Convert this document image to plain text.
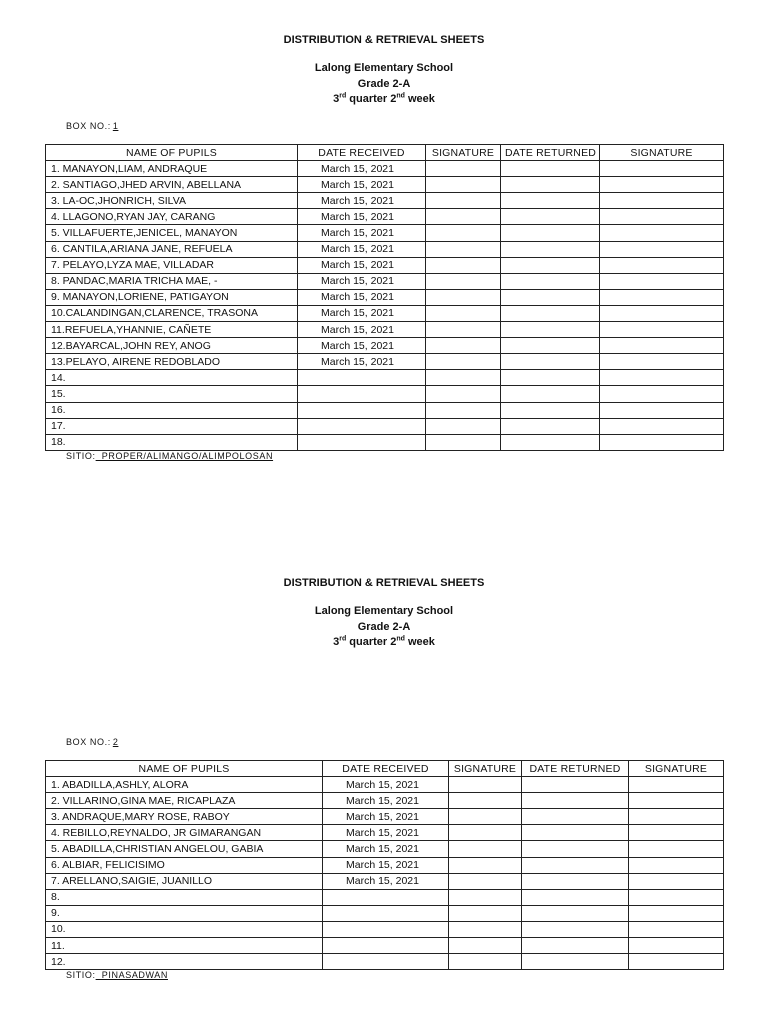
DISTRIBUTION & RETRIEVAL SHEETS
Lalong Elementary School
Grade 2-A
3rd quarter 2nd week
BOX NO.: 1
NAME OF PUPILS	DATE RECEIVED	SIGNATURE	DATE RETURNED	SIGNATURE
1. MANAYON,LIAM, ANDRAQUE	March 15, 2021			
2. SANTIAGO,JHED ARVIN, ABELLANA	March 15, 2021			
3. LA-OC,JHONRICH, SILVA	March 15, 2021			
4. LLAGONO,RYAN JAY, CARANG	March 15, 2021			
5. VILLAFUERTE,JENICEL, MANAYON	March 15, 2021			
6. CANTILA,ARIANA JANE, REFUELA	March 15, 2021			
7. PELAYO,LYZA MAE, VILLADAR	March 15, 2021			
8. PANDAC,MARIA TRICHA MAE, -	March 15, 2021			
9. MANAYON,LORIENE, PATIGAYON	March 15, 2021			
10.CALANDINGAN,CLARENCE, TRASONA	March 15, 2021			
11.REFUELA,YHANNIE, CAÑETE	March 15, 2021			
12.BAYARCAL,JOHN REY, ANOG	March 15, 2021			
13.PELAYO, AIRENE REDOBLADO	March 15, 2021			
14.				
15.				
16.				
17.				
18.				
SITIO:  PROPER/ALIMANGO/ALIMPOLOSAN
DISTRIBUTION & RETRIEVAL SHEETS
Lalong Elementary School
Grade 2-A
3rd quarter 2nd week
BOX NO.: 2
NAME OF PUPILS	DATE RECEIVED	SIGNATURE	DATE RETURNED	SIGNATURE
1. ABADILLA,ASHLY, ALORA	March 15, 2021			
2. VILLARINO,GINA MAE, RICAPLAZA	March 15, 2021			
3. ANDRAQUE,MARY ROSE, RABOY	March 15, 2021			
4. REBILLO,REYNALDO, JR GIMARANGAN	March 15, 2021			
5. ABADILLA,CHRISTIAN ANGELOU, GABIA	March 15, 2021			
6. ALBIAR, FELICISIMO	March 15, 2021			
7. ARELLANO,SAIGIE, JUANILLO	March 15, 2021			
8.				
9.				
10.				
11.				
12.				
SITIO:  PINASADWAN
